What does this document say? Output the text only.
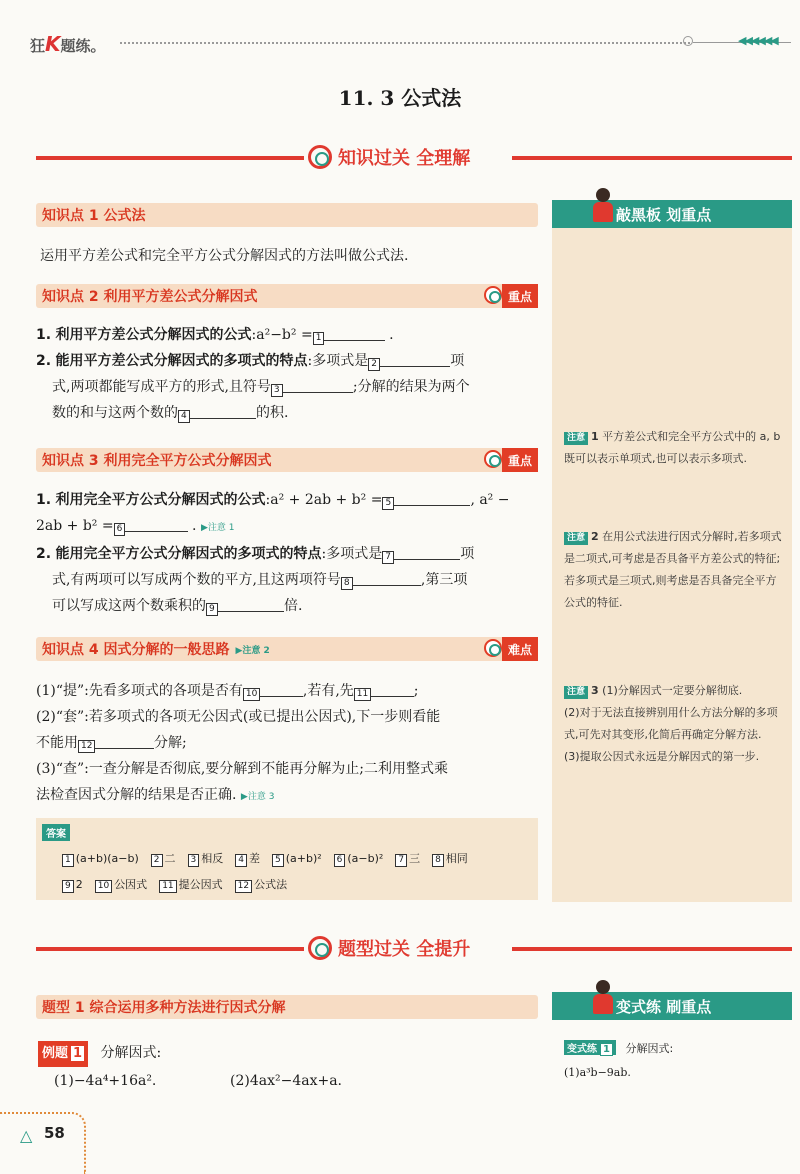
狂K题练。	◀◀◀◀◀◀
11. 3 公式法
知识过关 全理解
知识点 1 公式法
运用平方差公式和完全平方公式分解因式的方法叫做公式法.
知识点 2 利用平方差公式分解因式	重点
1. 利用平方差公式分解因式的公式:a²−b² = 1	.
2. 能用平方差公式分解因式的多项式的特点:多项式是 2	项
式,两项都能写成平方的形式,且符号 3	;分解的结果为两个
数的和与这两个数的 4	的积.
知识点 3 利用完全平方公式分解因式	重点
1. 利用完全平方公式分解因式的公式:a² + 2ab + b² = 5	, a² −
2ab + b² = 6	. ▶注意 1
2. 能用完全平方公式分解因式的多项式的特点:多项式是 7	项
式,有两项可以写成两个数的平方,且这两项符号 8	,第三项
可以写成这两个数乘积的 9	倍.
知识点 4 因式分解的一般思路 ▶注意 2	难点
(1)“提”:先看多项式的各项是否有 10	,若有,先 11	;
(2)“套”:若多项式的各项无公因式(或已提出公因式),下一步则看能
不能用 12	分解;
(3)“查”:一查分解是否彻底,要分解到不能再分解为止;二利用整式乘
法检查因式分解的结果是否正确. ▶注意 3
答案
1 (a+b)(a−b) 2 二 3 相反 4 差 5 (a+b)² 6 (a−b)² 7 三 8 相同
9 2 10 公因式 11 提公因式 12 公式法
敲黑板 划重点
注意 1 平方差公式和完全平方公式中的 a, b 既可以表示单项式,也可以表示多项式.
注意 2 在用公式法进行因式分解时,若多项式是二项式,可考虑是否具备平方差公式的特征;若多项式是三项式,则考虑是否具备完全平方公式的特征.
注意 3 (1)分解因式一定要分解彻底.
(2)对于无法直接辨别用什么方法分解的多项式,可先对其变形,化简后再确定分解方法.
(3)提取公因式永远是分解因式的第一步.
题型过关 全提升
题型 1 综合运用多种方法进行因式分解
例题 1 分解因式:
(1)−4a⁴+16a².	(2)4ax²−4ax+a.
变式练 刷重点
变式练 1 分解因式:
(1)a³b−9ab.
△ 58
